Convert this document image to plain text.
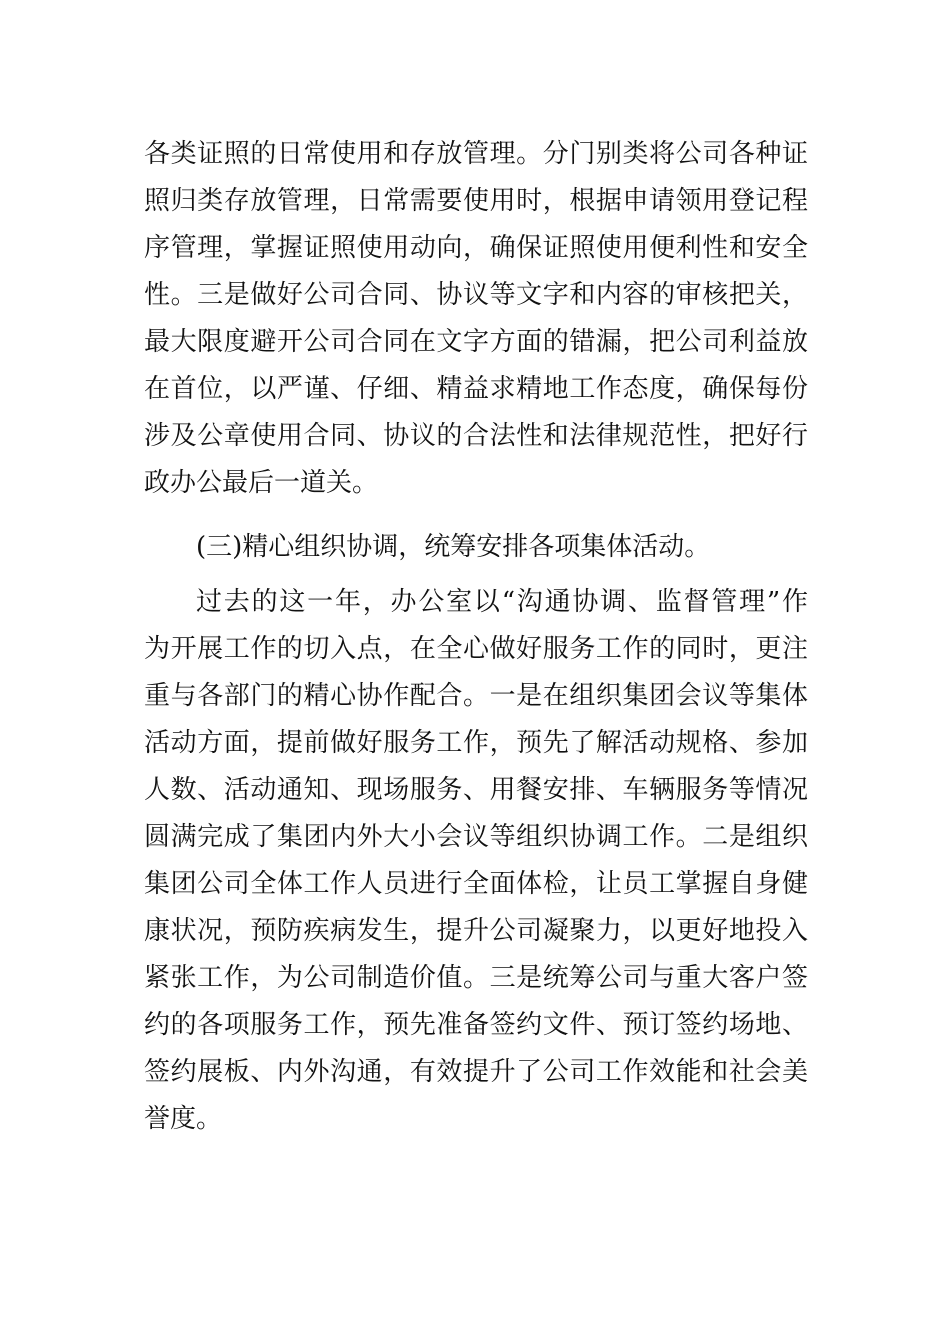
各类证照的日常使用和存放管理。分门别类将公司各种证
照归类存放管理，日常需要使用时，根据申请领用登记程
序管理，掌握证照使用动向，确保证照使用便利性和安全
性。三是做好公司合同、协议等文字和内容的审核把关，
最大限度避开公司合同在文字方面的错漏，把公司利益放
在首位，以严谨、仔细、精益求精地工作态度，确保每份
涉及公章使用合同、协议的合法性和法律规范性，把好行
政办公最后一道关。
(三)精心组织协调，统筹安排各项集体活动。
过去的这一年，办公室以“沟通协调、监督管理”作
为开展工作的切入点，在全心做好服务工作的同时，更注
重与各部门的精心协作配合。一是在组织集团会议等集体
活动方面，提前做好服务工作，预先了解活动规格、参加
人数、活动通知、现场服务、用餐安排、车辆服务等情况
圆满完成了集团内外大小会议等组织协调工作。二是组织
集团公司全体工作人员进行全面体检，让员工掌握自身健
康状况，预防疾病发生，提升公司凝聚力，以更好地投入
紧张工作，为公司制造价值。三是统筹公司与重大客户签
约的各项服务工作，预先准备签约文件、预订签约场地、
签约展板、内外沟通，有效提升了公司工作效能和社会美
誉度。
